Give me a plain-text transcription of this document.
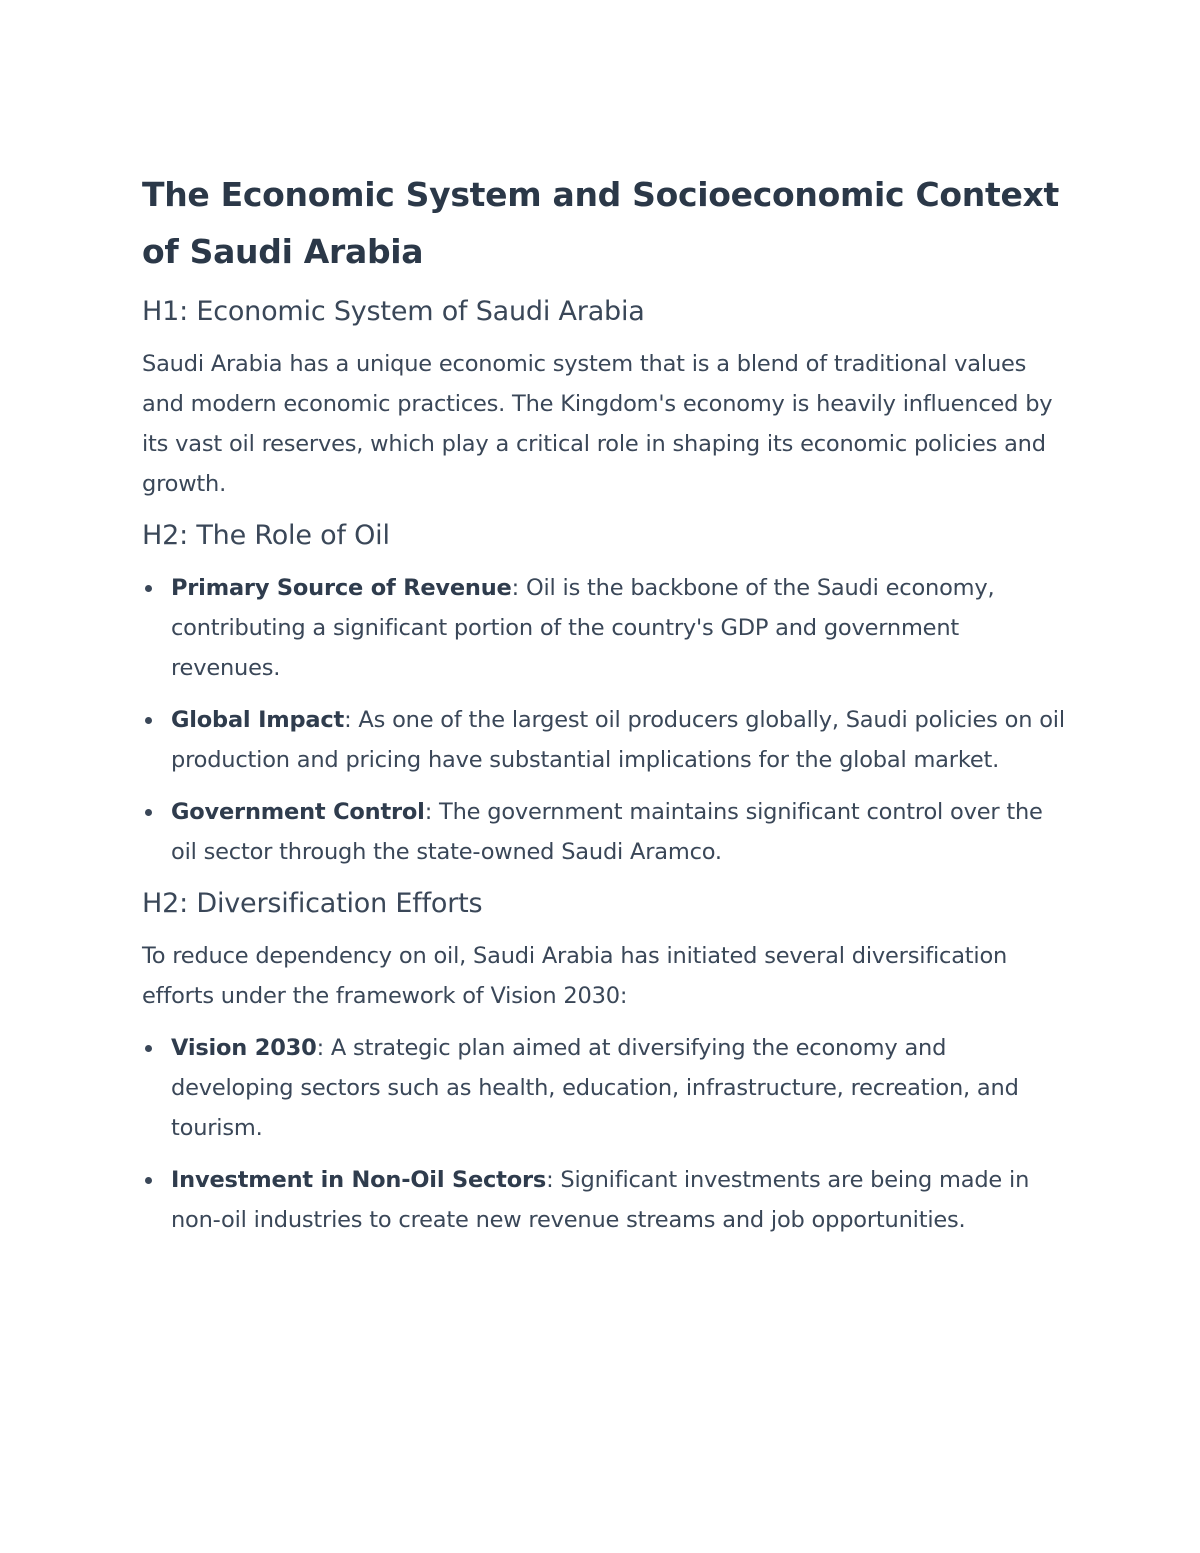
The Economic System and Socioeconomic Context of Saudi Arabia
H1: Economic System of Saudi Arabia

Saudi Arabia has a unique economic system that is a blend of traditional values and modern economic practices. The Kingdom's economy is heavily influenced by its vast oil reserves, which play a critical role in shaping its economic policies and growth.

H2: The Role of Oil
Primary Source of Revenue: Oil is the backbone of the Saudi economy, contributing a significant portion of the country's GDP and government revenues.
Global Impact: As one of the largest oil producers globally, Saudi policies on oil production and pricing have substantial implications for the global market.
Government Control: The government maintains significant control over the oil sector through the state-owned Saudi Aramco.
H2: Diversification Efforts

To reduce dependency on oil, Saudi Arabia has initiated several diversification efforts under the framework of Vision 2030:

Vision 2030: A strategic plan aimed at diversifying the economy and developing sectors such as health, education, infrastructure, recreation, and tourism.
Investment in Non-Oil Sectors: Significant investments are being made in non-oil industries to create new revenue streams and job opportunities.
